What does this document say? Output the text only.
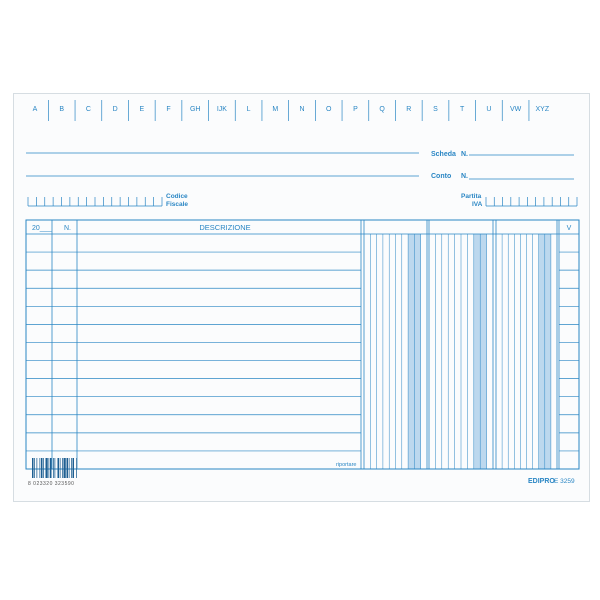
A	B	C	D	E	F	GH IJK	L	M	N	O	P	Q	R	S	T	U	VW XYZ
Scheda N.
Conto N.
Codice
Fiscale
Partita
IVA
20___ N.	DESCRIZIONE	V
riportare
8 023320 323590	EDIPRO E 3259
